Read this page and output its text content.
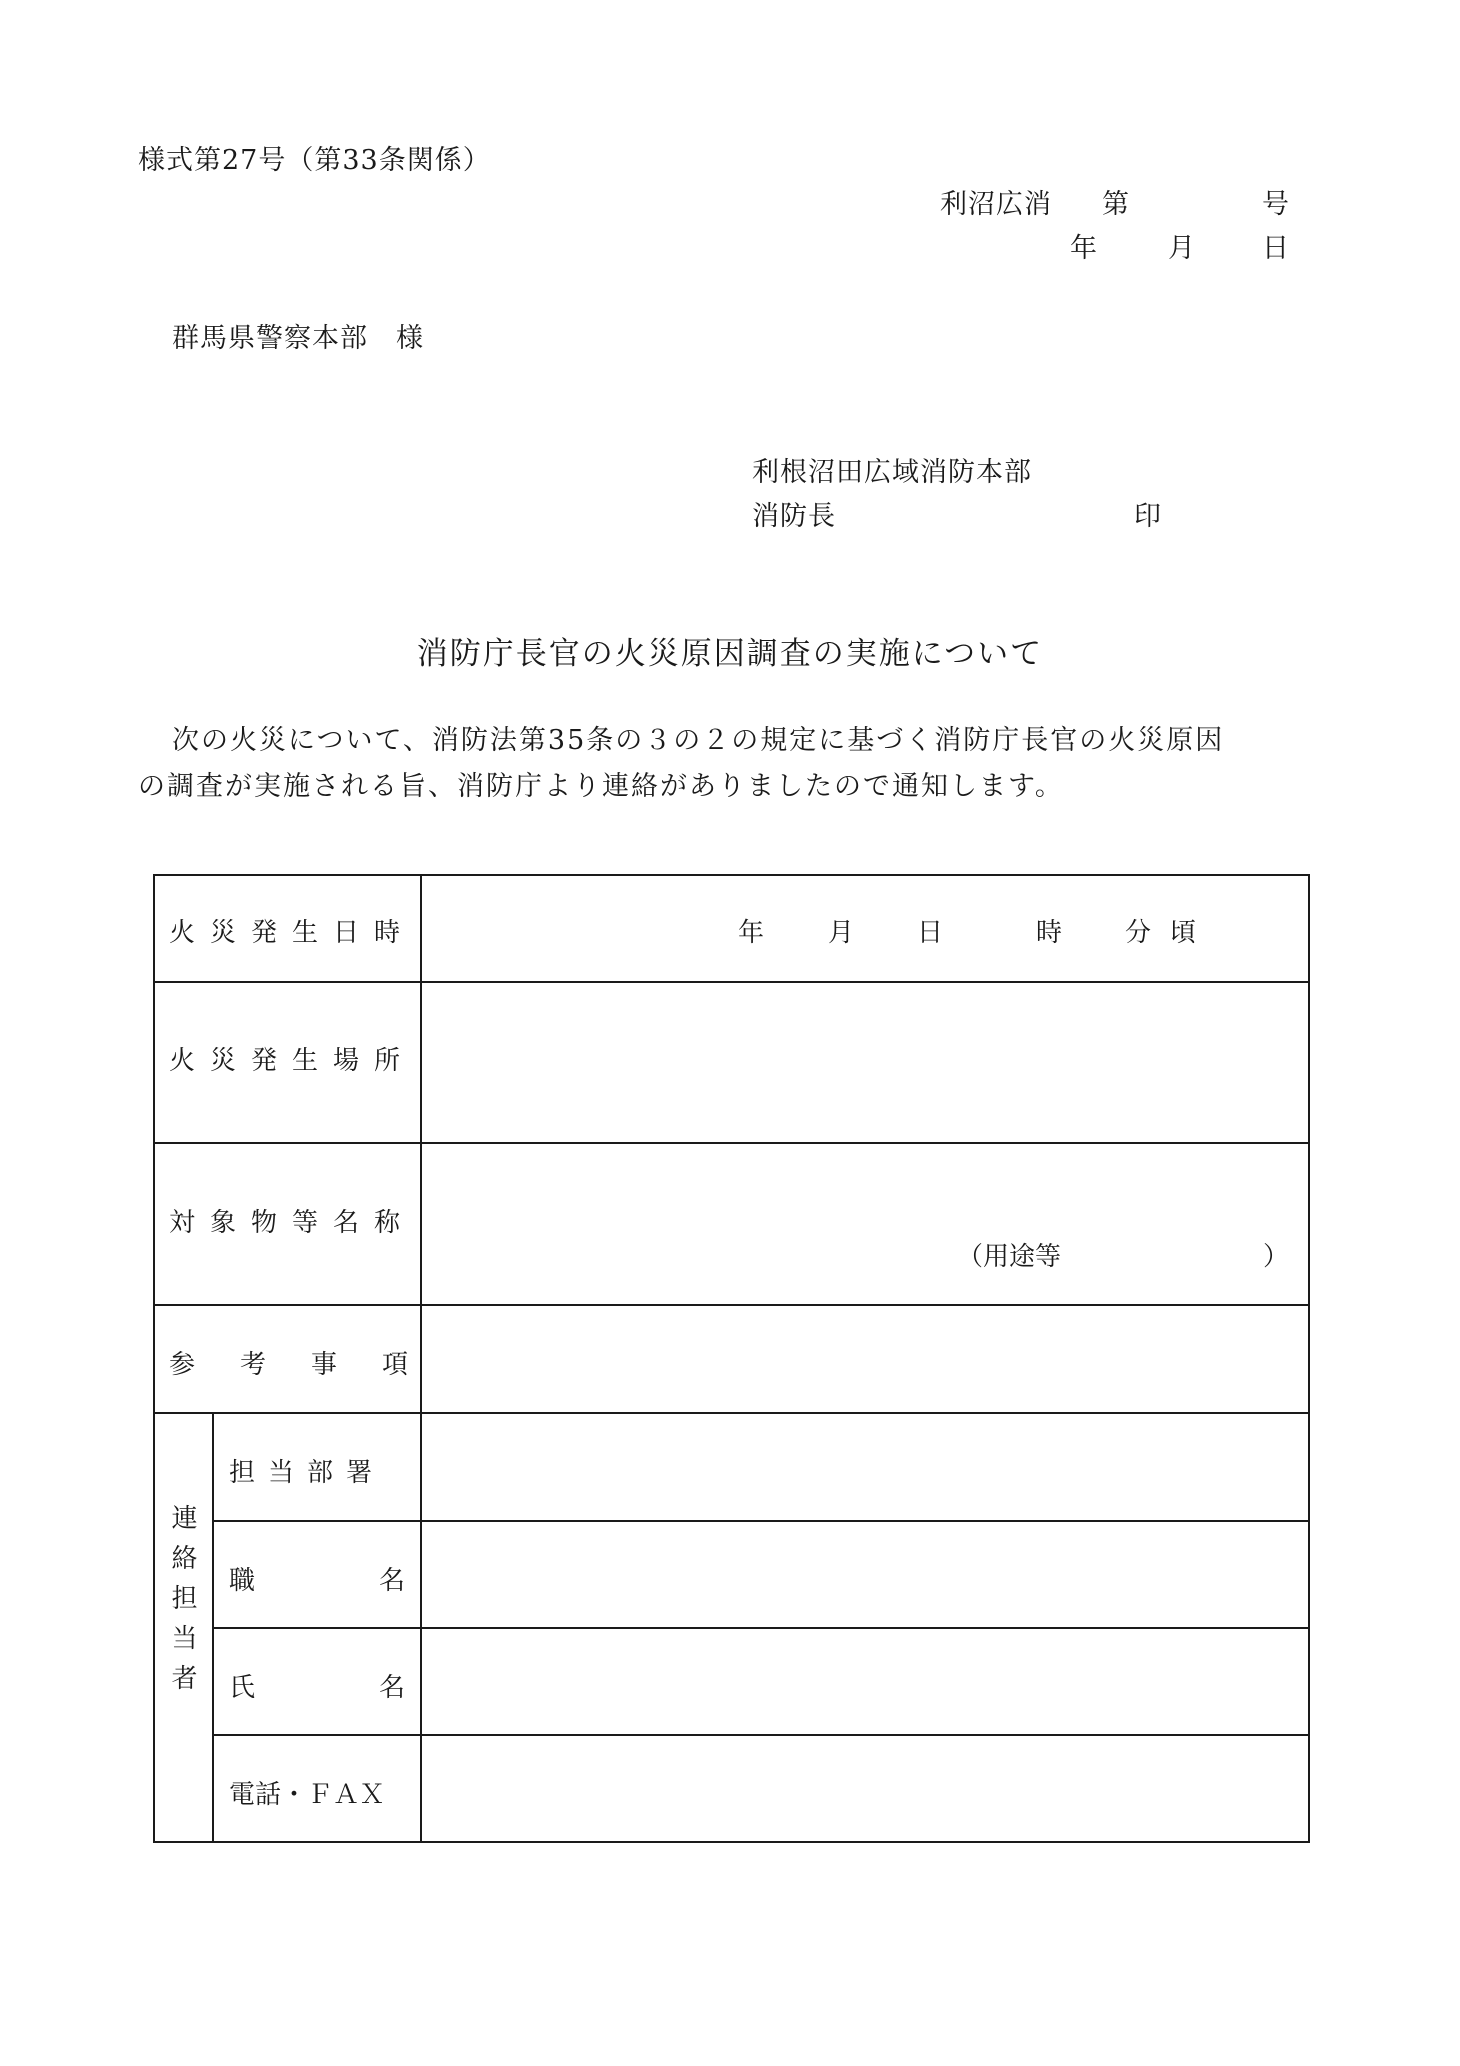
様式第27号（第33条関係）
利沼広消 第	号
年	月 日
群馬県警察本部　様
利根沼田広域消防本部
消防長	印
消防庁長官の火災原因調査の実施について
次の火災について、消防法第35条の３の２の規定に基づく消防庁長官の火災原因
の調査が実施される旨、消防庁より連絡がありましたので通知します。
火災発生日時	年 月 日	時 分 頃
火災発生場所
対象物等名称
（用途等	）
参考事項
連絡担当者
担当部署
職	名
氏	名
電話・ＦＡＸ
